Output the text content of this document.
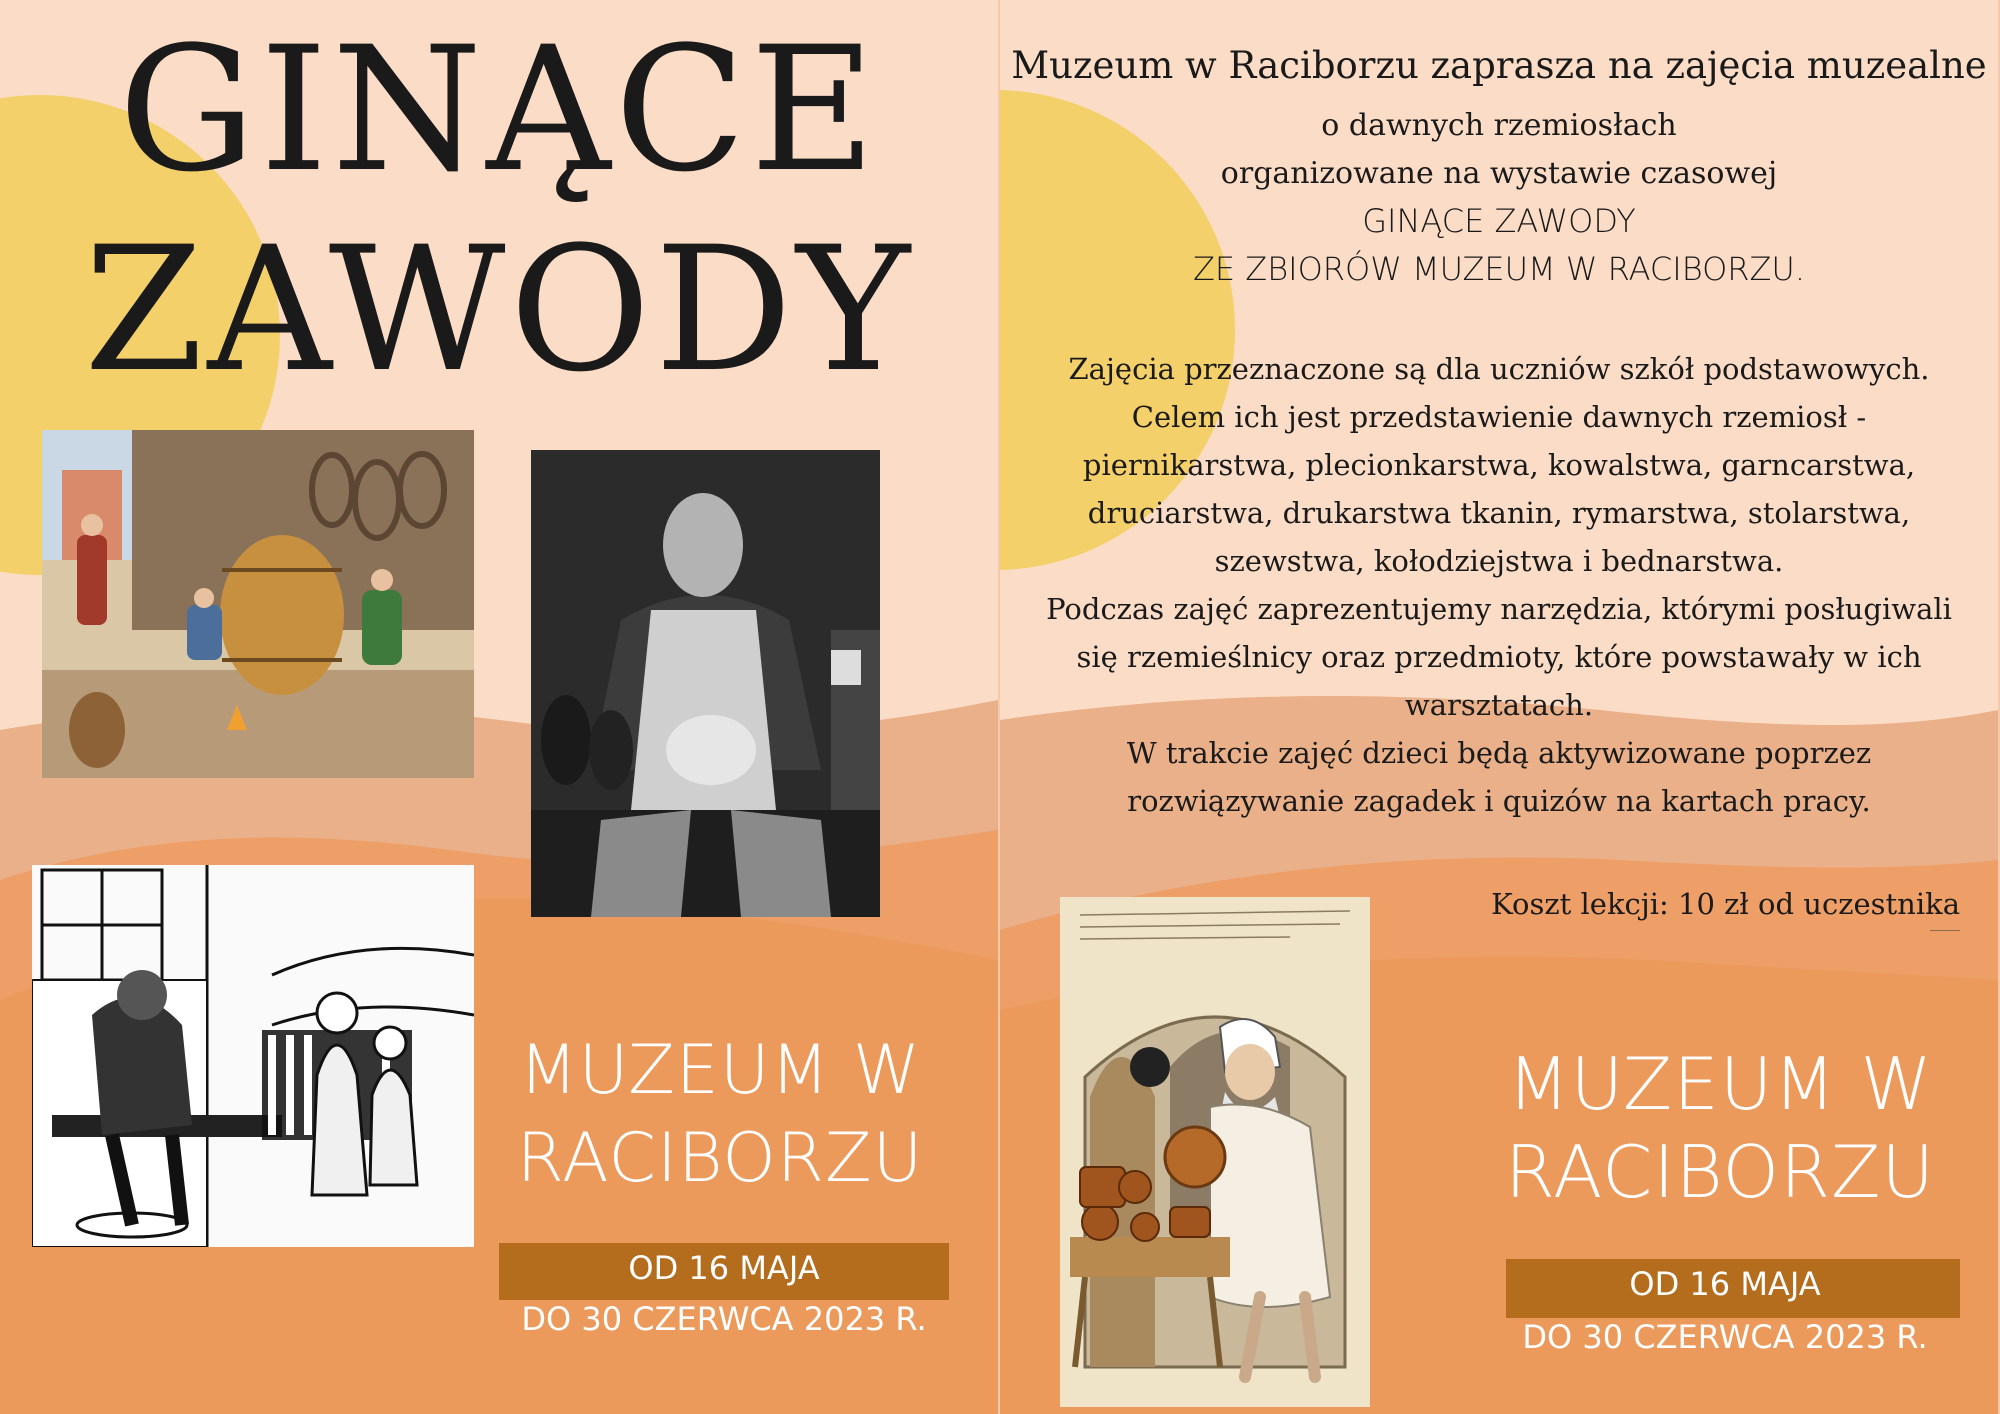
GINĄCE
ZAWODY
MUZEUM W
RACIBORZU
OD 16 MAJA
DO 30 CZERWCA 2023 R.
Muzeum w Raciborzu zaprasza na zajęcia muzealne
o dawnych rzemiosłach
organizowane na wystawie czasowej
GINĄCE ZAWODY
ZE ZBIORÓW MUZEUM W RACIBORZU.
Zajęcia przeznaczone są dla uczniów szkół podstawowych.
Celem ich jest przedstawienie dawnych rzemiosł -
piernikarstwa, plecionkarstwa, kowalstwa, garncarstwa,
druciarstwa, drukarstwa tkanin, rymarstwa, stolarstwa,
szewstwa, kołodziejstwa i bednarstwa.
Podczas zajęć zaprezentujemy narzędzia, którymi posługiwali
się rzemieślnicy oraz przedmioty, które powstawały w ich
warsztatach.
W trakcie zajęć dzieci będą aktywizowane poprzez
rozwiązywanie zagadek i quizów na kartach pracy.
Koszt lekcji: 10 zł od uczestnika
MUZEUM W
RACIBORZU
OD 16 MAJA
DO 30 CZERWCA 2023 R.
